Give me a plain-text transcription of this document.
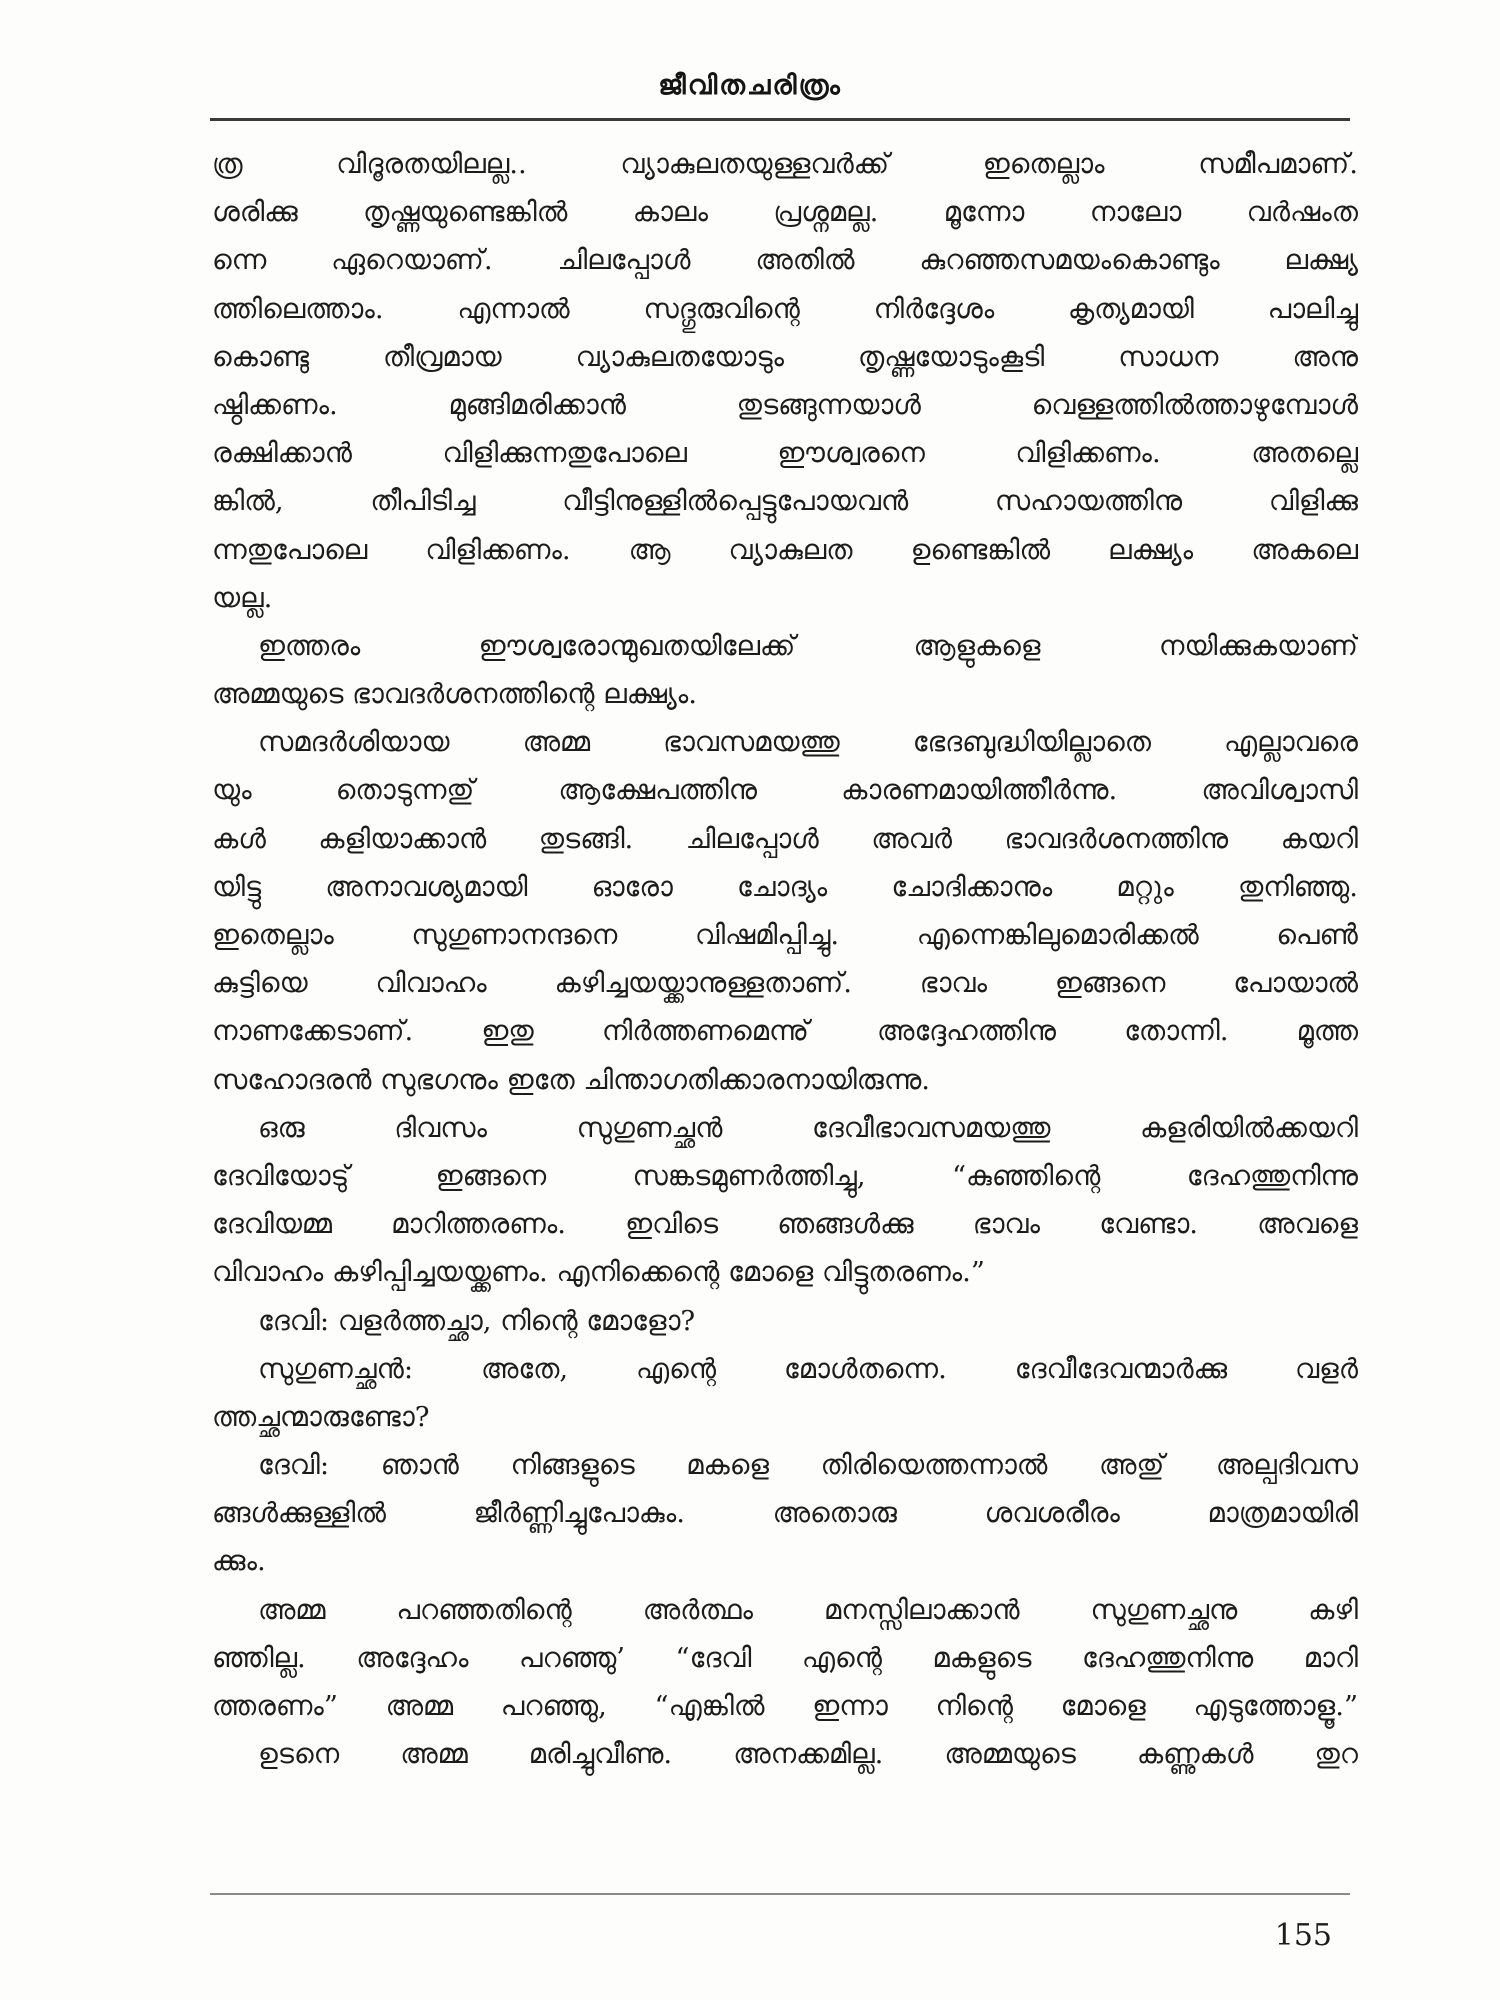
ജീവിതചരിത്രം
ത്ര വിദൂരതയിലല്ല.. വ്യാകുലതയുള്ളവർക്ക് ഇതെല്ലാം സമീപമാണ്.
ശരിക്കു തൃഷ്ണയുണ്ടെങ്കിൽ കാലം പ്രശ്നമല്ല. മൂന്നോ നാലോ വർഷംത
ന്നെ ഏറെയാണ്. ചിലപ്പോൾ അതിൽ കുറഞ്ഞസമയംകൊണ്ടും ലക്ഷ്യ
ത്തിലെത്താം. എന്നാൽ സദ്ഗുരുവിന്റെ നിർദ്ദേശം കൃത്യമായി പാലിച്ചു
കൊണ്ടു തീവ്രമായ വ്യാകുലതയോടും തൃഷ്ണയോടുംകൂടി സാധന അനു
ഷ്ഠിക്കണം. മുങ്ങിമരിക്കാൻ തുടങ്ങുന്നയാൾ വെള്ളത്തിൽത്താഴുമ്പോൾ
രക്ഷിക്കാൻ വിളിക്കുന്നതുപോലെ ഈശ്വരനെ വിളിക്കണം. അതല്ലെ
ങ്കിൽ, തീപിടിച്ച വീട്ടിനുള്ളിൽപ്പെട്ടുപോയവൻ സഹായത്തിനു വിളിക്കു
ന്നതുപോലെ വിളിക്കണം. ആ വ്യാകുലത ഉണ്ടെങ്കിൽ ലക്ഷ്യം അകലെ
യല്ല.
ഇത്തരം ഈശ്വരോന്മുഖതയിലേക്ക് ആളുകളെ നയിക്കുകയാണ്
അമ്മയുടെ ഭാവദർശനത്തിന്റെ ലക്ഷ്യം.
സമദർശിയായ അമ്മ ഭാവസമയത്തു ഭേദബുദ്ധിയില്ലാതെ എല്ലാവരെ
യും തൊടുന്നതു് ആക്ഷേപത്തിനു കാരണമായിത്തീർന്നു. അവിശ്വാസി
കൾ കളിയാക്കാൻ തുടങ്ങി. ചിലപ്പോൾ അവർ ഭാവദർശനത്തിനു കയറി
യിട്ടു അനാവശ്യമായി ഓരോ ചോദ്യം ചോദിക്കാനും മറ്റും തുനിഞ്ഞു.
ഇതെല്ലാം സുഗുണാനന്ദനെ വിഷമിപ്പിച്ചു. എന്നെങ്കിലുമൊരിക്കൽ പെൺ
കുട്ടിയെ വിവാഹം കഴിച്ചയയ്ക്കാനുള്ളതാണ്. ഭാവം ഇങ്ങനെ പോയാൽ
നാണക്കേടാണ്. ഇതു നിർത്തണമെന്നു് അദ്ദേഹത്തിനു തോന്നി. മൂത്ത
സഹോദരൻ സുഭഗനും ഇതേ ചിന്താഗതിക്കാരനായിരുന്നു.
ഒരു ദിവസം സുഗുണച്ഛൻ ദേവീഭാവസമയത്തു കളരിയിൽക്കയറി
ദേവിയോടു് ഇങ്ങനെ സങ്കടമുണർത്തിച്ചു, “കുഞ്ഞിന്റെ ദേഹത്തുനിന്നു
ദേവിയമ്മ മാറിത്തരണം. ഇവിടെ ഞങ്ങൾക്കു ഭാവം വേണ്ടാ. അവളെ
വിവാഹം കഴിപ്പിച്ചയയ്ക്കണം. എനിക്കെന്റെ മോളെ വിട്ടുതരണം.”
ദേവി: വളർത്തച്ഛാ, നിന്റെ മോളോ?
സുഗുണച്ഛൻ: അതേ, എന്റെ മോൾതന്നെ. ദേവീദേവന്മാർക്കു വളർ
ത്തച്ഛന്മാരുണ്ടോ?
ദേവി: ഞാൻ നിങ്ങളുടെ മകളെ തിരിയെത്തന്നാൽ അതു് അല്പദിവസ
ങ്ങൾക്കുള്ളിൽ ജീർണ്ണിച്ചുപോകും. അതൊരു ശവശരീരം മാത്രമായിരി
ക്കും.
അമ്മ പറഞ്ഞതിന്റെ അർത്ഥം മനസ്സിലാക്കാൻ സുഗുണച്ഛനു കഴി
ഞ്ഞില്ല. അദ്ദേഹം പറഞ്ഞു’ “ദേവി എന്റെ മകളുടെ ദേഹത്തുനിന്നു മാറി
ത്തരണം” അമ്മ പറഞ്ഞു, “എങ്കിൽ ഇന്നാ നിന്റെ മോളെ എടുത്തോളൂ.”
ഉടനെ അമ്മ മരിച്ചുവീണു. അനക്കമില്ല. അമ്മയുടെ കണ്ണുകൾ തുറ
155
